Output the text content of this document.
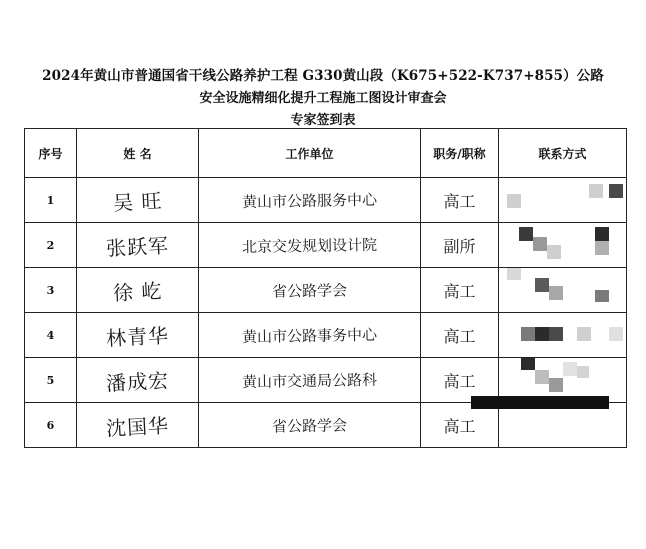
2024年黄山市普通国省干线公路养护工程 G330黄山段（K675+522-K737+855）公路
安全设施精细化提升工程施工图设计审查会
专家签到表
序号	姓 名	工作单位	职务/职称	联系方式
1	吴 旺	黄山市公路服务中心	高工	

2	张跃军	北京交发规划设计院	副所	

3	徐 屹	省公路学会	高工	

4	林青华	黄山市公路事务中心	高工	

5	潘成宏	黄山市交通局公路科	高工	

6	沈国华	省公路学会	高工	
